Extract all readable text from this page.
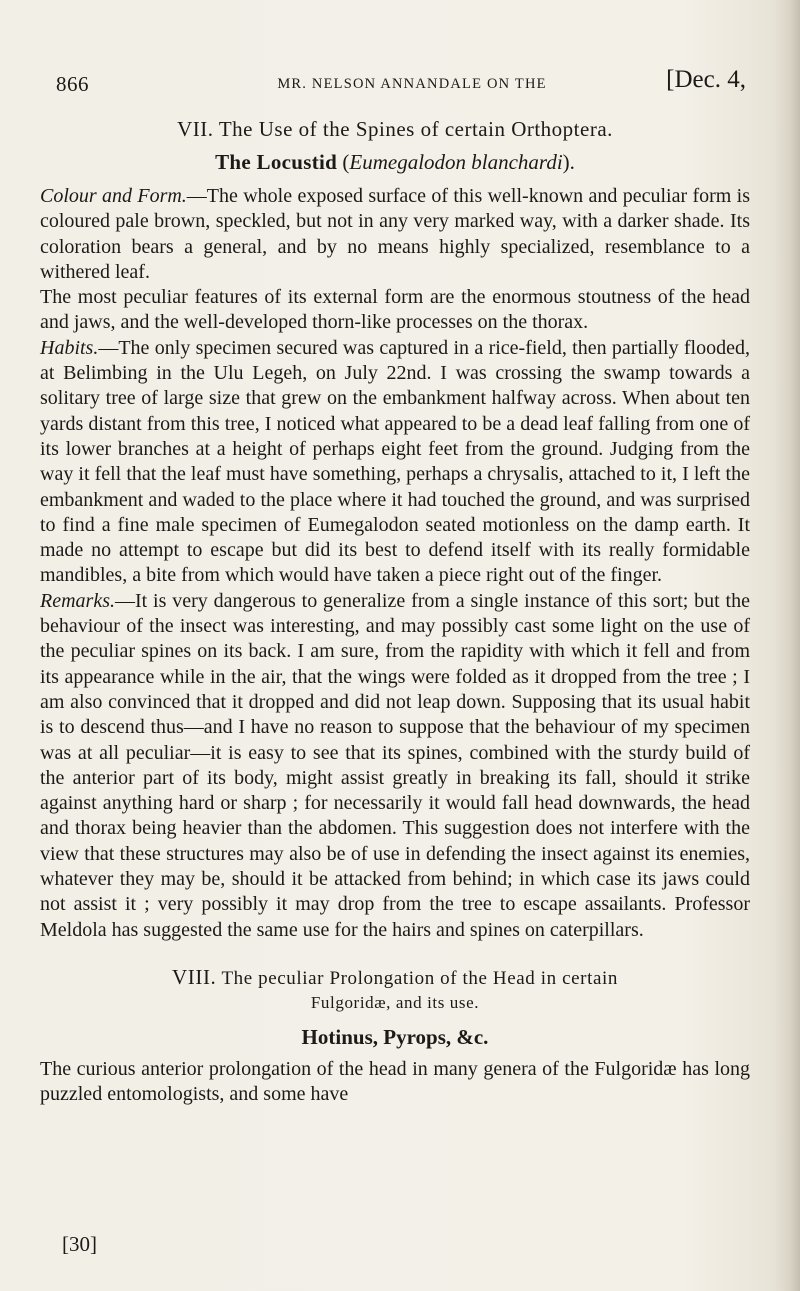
866	MR. NELSON ANNANDALE ON THE	[Dec. 4,
VII. The Use of the Spines of certain Orthoptera.
The Locustid (Eumegalodon blanchardi).

Colour and Form.—The whole exposed surface of this well-known and peculiar form is coloured pale brown, speckled, but not in any very marked way, with a darker shade. Its coloration bears a general, and by no means highly specialized, resemblance to a withered leaf.

The most peculiar features of its external form are the enormous stoutness of the head and jaws, and the well-developed thorn-like processes on the thorax.

Habits.—The only specimen secured was captured in a rice-field, then partially flooded, at Belimbing in the Ulu Legeh, on July 22nd. I was crossing the swamp towards a solitary tree of large size that grew on the embankment halfway across. When about ten yards distant from this tree, I noticed what appeared to be a dead leaf falling from one of its lower branches at a height of perhaps eight feet from the ground. Judging from the way it fell that the leaf must have something, perhaps a chrysalis, attached to it, I left the embankment and waded to the place where it had touched the ground, and was surprised to find a fine male specimen of Eumegalodon seated motionless on the damp earth. It made no attempt to escape but did its best to defend itself with its really formidable mandibles, a bite from which would have taken a piece right out of the finger.

Remarks.—It is very dangerous to generalize from a single instance of this sort; but the behaviour of the insect was interesting, and may possibly cast some light on the use of the peculiar spines on its back. I am sure, from the rapidity with which it fell and from its appearance while in the air, that the wings were folded as it dropped from the tree ; I am also convinced that it dropped and did not leap down. Supposing that its usual habit is to descend thus—and I have no reason to suppose that the behaviour of my specimen was at all peculiar—it is easy to see that its spines, combined with the sturdy build of the anterior part of its body, might assist greatly in breaking its fall, should it strike against anything hard or sharp ; for necessarily it would fall head downwards, the head and thorax being heavier than the abdomen. This suggestion does not interfere with the view that these structures may also be of use in defending the insect against its enemies, whatever they may be, should it be attacked from behind; in which case its jaws could not assist it ; very possibly it may drop from the tree to escape assailants. Professor Meldola has suggested the same use for the hairs and spines on caterpillars.

VIII. The peculiar Prolongation of the Head in certain
Fulgoridæ, and its use.
Hotinus, Pyrops, &c.

The curious anterior prolongation of the head in many genera of the Fulgoridæ has long puzzled entomologists, and some have

[30]
